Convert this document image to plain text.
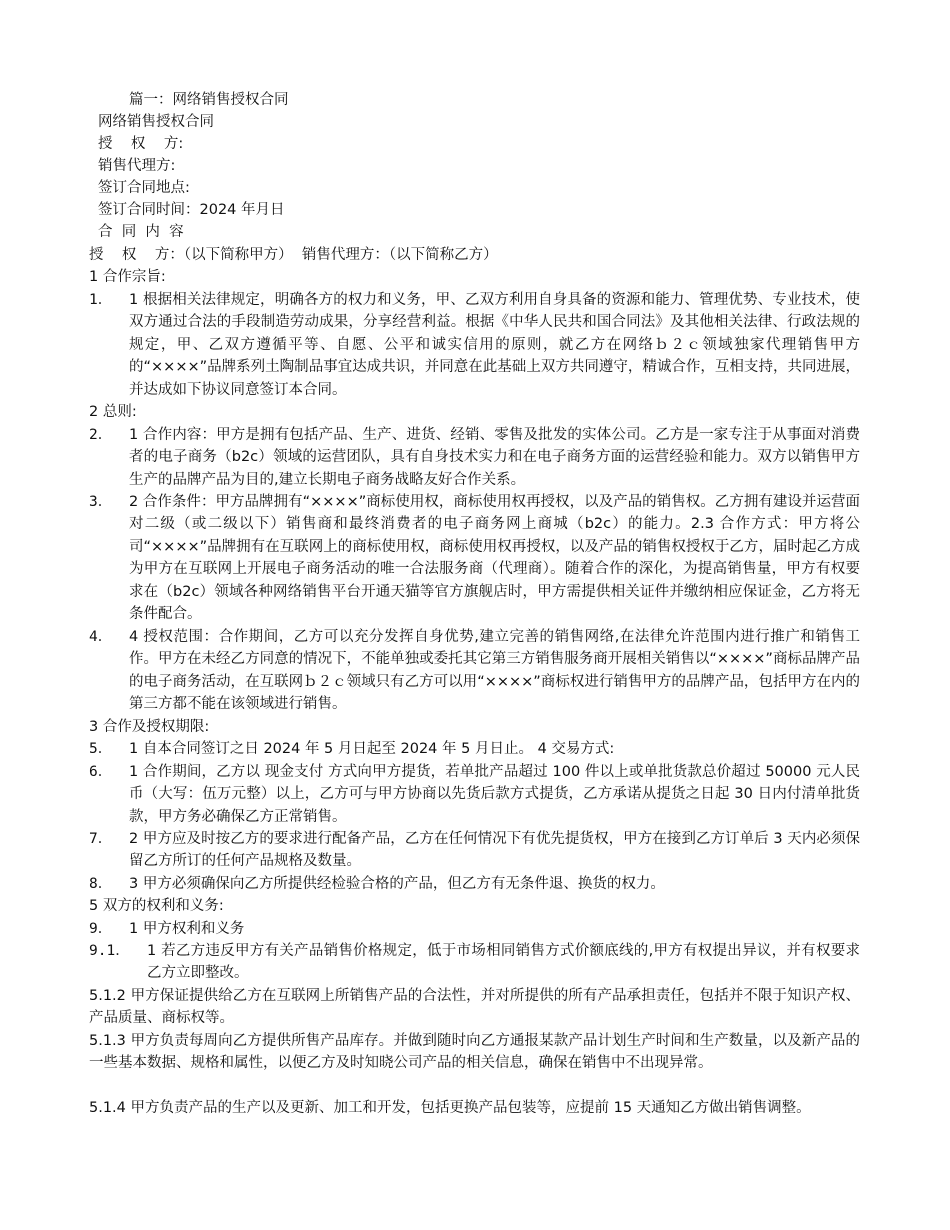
篇一：网络销售授权合同
网络销售授权合同
授    权    方:
销售代理方:
签订合同地点:
签订合同时间：2024 年月日
合  同  内  容
授    权    方：（以下简称甲方）  销售代理方：（以下简称乙方）
1 合作宗旨:
1． 1 根据相关法律规定，明确各方的权力和义务，甲、乙双方利用自身具备的资源和能力、管理优势、专业技术，使双方通过合法的手段制造劳动成果，分享经营利益。根据《中华人民共和国合同法》及其他相关法律、行政法规的规定，甲、乙双方遵循平等、自愿、公平和诚实信用的原则，就乙方在网络ｂ２ｃ领域独家代理销售甲方的“××××”品牌系列土陶制品事宜达成共识，并同意在此基础上双方共同遵守，精诚合作，互相支持，共同进展，并达成如下协议同意签订本合同。
2 总则:
2． 1 合作内容：甲方是拥有包括产品、生产、进货、经销、零售及批发的实体公司。乙方是一家专注于从事面对消费者的电子商务（b2c）领域的运营团队，具有自身技术实力和在电子商务方面的运营经验和能力。双方以销售甲方生产的品牌产品为目的,建立长期电子商务战略友好合作关系。
3． 2 合作条件：甲方品牌拥有“××××”商标使用权，商标使用权再授权，以及产品的销售权。乙方拥有建设并运营面对二级（或二级以下）销售商和最终消费者的电子商务网上商城（b2c）的能力。2.3 合作方式：甲方将公司“××××”品牌拥有在互联网上的商标使用权，商标使用权再授权，以及产品的销售权授权于乙方，届时起乙方成为甲方在互联网上开展电子商务活动的唯一合法服务商（代理商）。随着合作的深化，为提高销售量，甲方有权要求在（b2c）领域各种网络销售平台开通天猫等官方旗舰店时，甲方需提供相关证件并缴纳相应保证金，乙方将无条件配合。
4． 4 授权范围：合作期间，乙方可以充分发挥自身优势,建立完善的销售网络,在法律允许范围内进行推广和销售工作。甲方在未经乙方同意的情况下，不能单独或委托其它第三方销售服务商开展相关销售以“××××”商标品牌产品的电子商务活动，在互联网ｂ２ｃ领域只有乙方可以用“××××”商标权进行销售甲方的品牌产品，包括甲方在内的第三方都不能在该领域进行销售。
3 合作及授权期限:
5． 1 自本合同签订之日 2024 年 5 月日起至 2024 年 5 月日止。 4 交易方式:
6． 1 合作期间，乙方以 现金支付 方式向甲方提货，若单批产品超过 100 件以上或单批货款总价超过 50000 元人民币（大写：伍万元整）以上，乙方可与甲方协商以先货后款方式提货，乙方承诺从提货之日起 30 日内付清单批货款，甲方务必确保乙方正常销售。
7． 2 甲方应及时按乙方的要求进行配备产品，乙方在任何情况下有优先提货权，甲方在接到乙方订单后 3 天内必须保留乙方所订的任何产品规格及数量。
8． 3 甲方必须确保向乙方所提供经检验合格的产品，但乙方有无条件退、换货的权力。
5 双方的权利和义务:
9． 1 甲方权利和义务
9.1． 1 若乙方违反甲方有关产品销售价格规定，低于市场相同销售方式价额底线的,甲方有权提出异议，并有权要求乙方立即整改。
5.1.2 甲方保证提供给乙方在互联网上所销售产品的合法性，并对所提供的所有产品承担责任，包括并不限于知识产权、产品质量、商标权等。
5.1.3 甲方负责每周向乙方提供所售产品库存。并做到随时向乙方通报某款产品计划生产时间和生产数量，以及新产品的一些基本数据、规格和属性，以便乙方及时知晓公司产品的相关信息，确保在销售中不出现异常。
5.1.4 甲方负责产品的生产以及更新、加工和开发，包括更换产品包装等，应提前 15 天通知乙方做出销售调整。
